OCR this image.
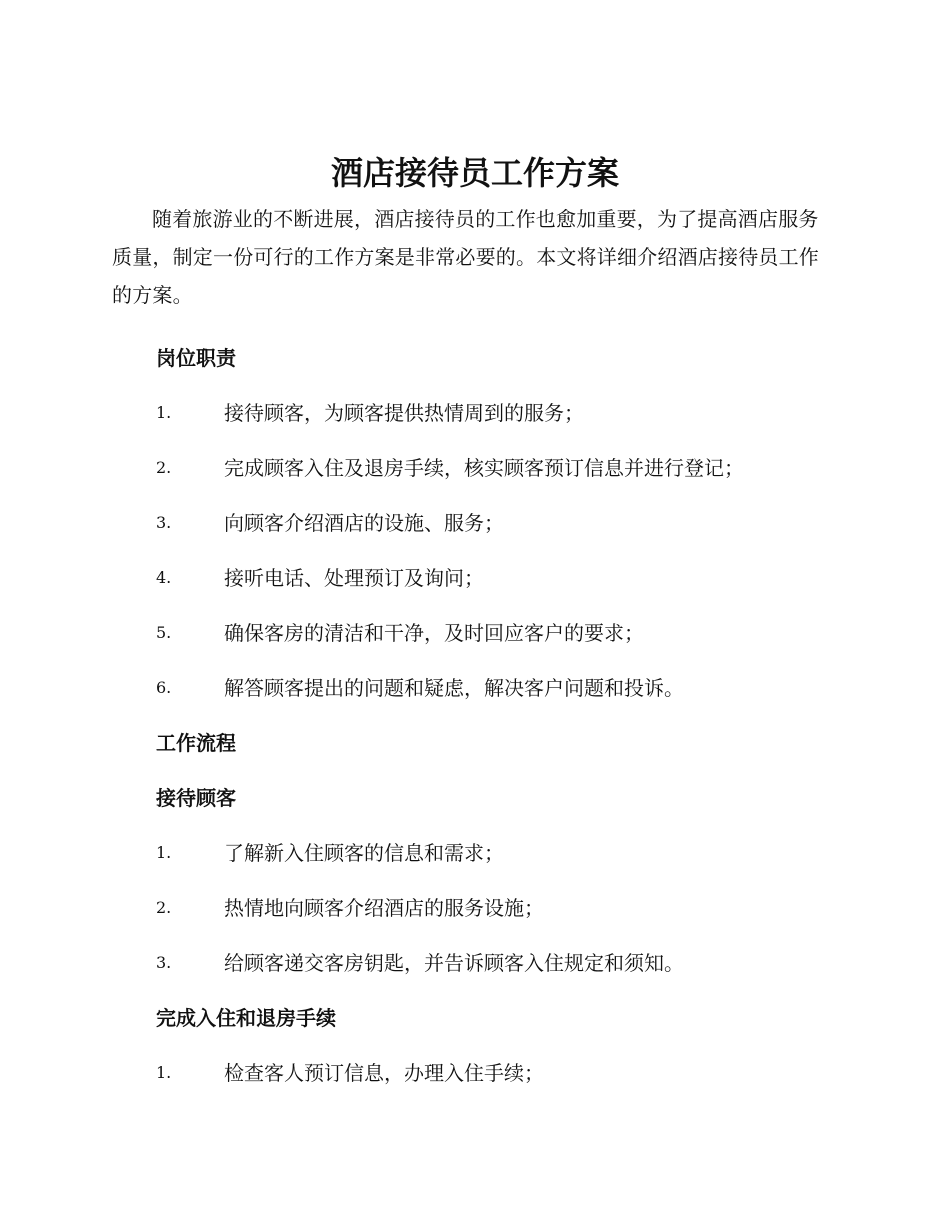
酒店接待员工作方案

随着旅游业的不断进展，酒店接待员的工作也愈加重要，为了提高酒店服务质量，制定一份可行的工作方案是非常必要的。本文将详细介绍酒店接待员工作的方案。

岗位职责
1.	接待顾客，为顾客提供热情周到的服务；
2.	完成顾客入住及退房手续，核实顾客预订信息并进行登记；
3.	向顾客介绍酒店的设施、服务；
4.	接听电话、处理预订及询问；
5.	确保客房的清洁和干净，及时回应客户的要求；
6.	解答顾客提出的问题和疑虑，解决客户问题和投诉。
工作流程
接待顾客
1.	了解新入住顾客的信息和需求；
2.	热情地向顾客介绍酒店的服务设施；
3.	给顾客递交客房钥匙，并告诉顾客入住规定和须知。
完成入住和退房手续
1.	检查客人预订信息，办理入住手续；
